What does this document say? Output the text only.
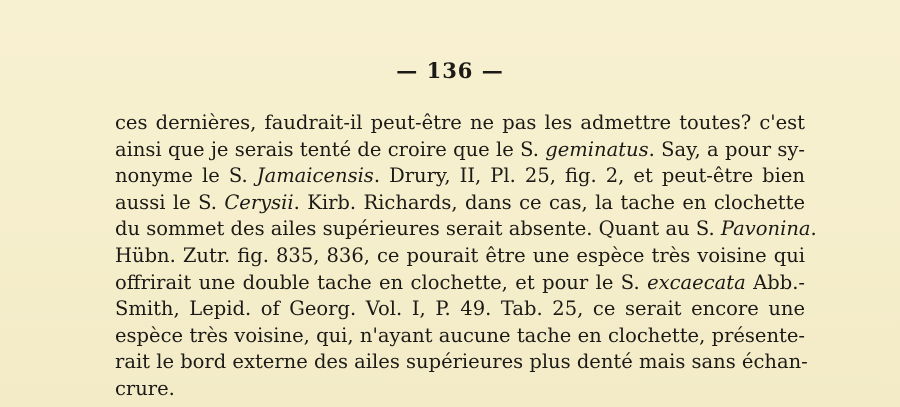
— 136 —
ces dernières, faudrait-il peut-être ne pas les admettre toutes? c'est
ainsi que je serais tenté de croire que le S. geminatus. Say, a pour sy-
nonyme le S. Jamaicensis. Drury, II, Pl. 25, fig. 2, et peut-être bien
aussi le S. Cerysii. Kirb. Richards, dans ce cas, la tache en clochette
du sommet des ailes supérieures serait absente. Quant au S. Pavonina.
Hübn. Zutr. fig. 835, 836, ce pourait être une espèce très voisine qui
offrirait une double tache en clochette, et pour le S. excaecata Abb.-
Smith, Lepid. of Georg. Vol. I, P. 49. Tab. 25, ce serait encore une
espèce très voisine, qui, n'ayant aucune tache en clochette, présente-
rait le bord externe des ailes supérieures plus denté mais sans échan-
crure.
